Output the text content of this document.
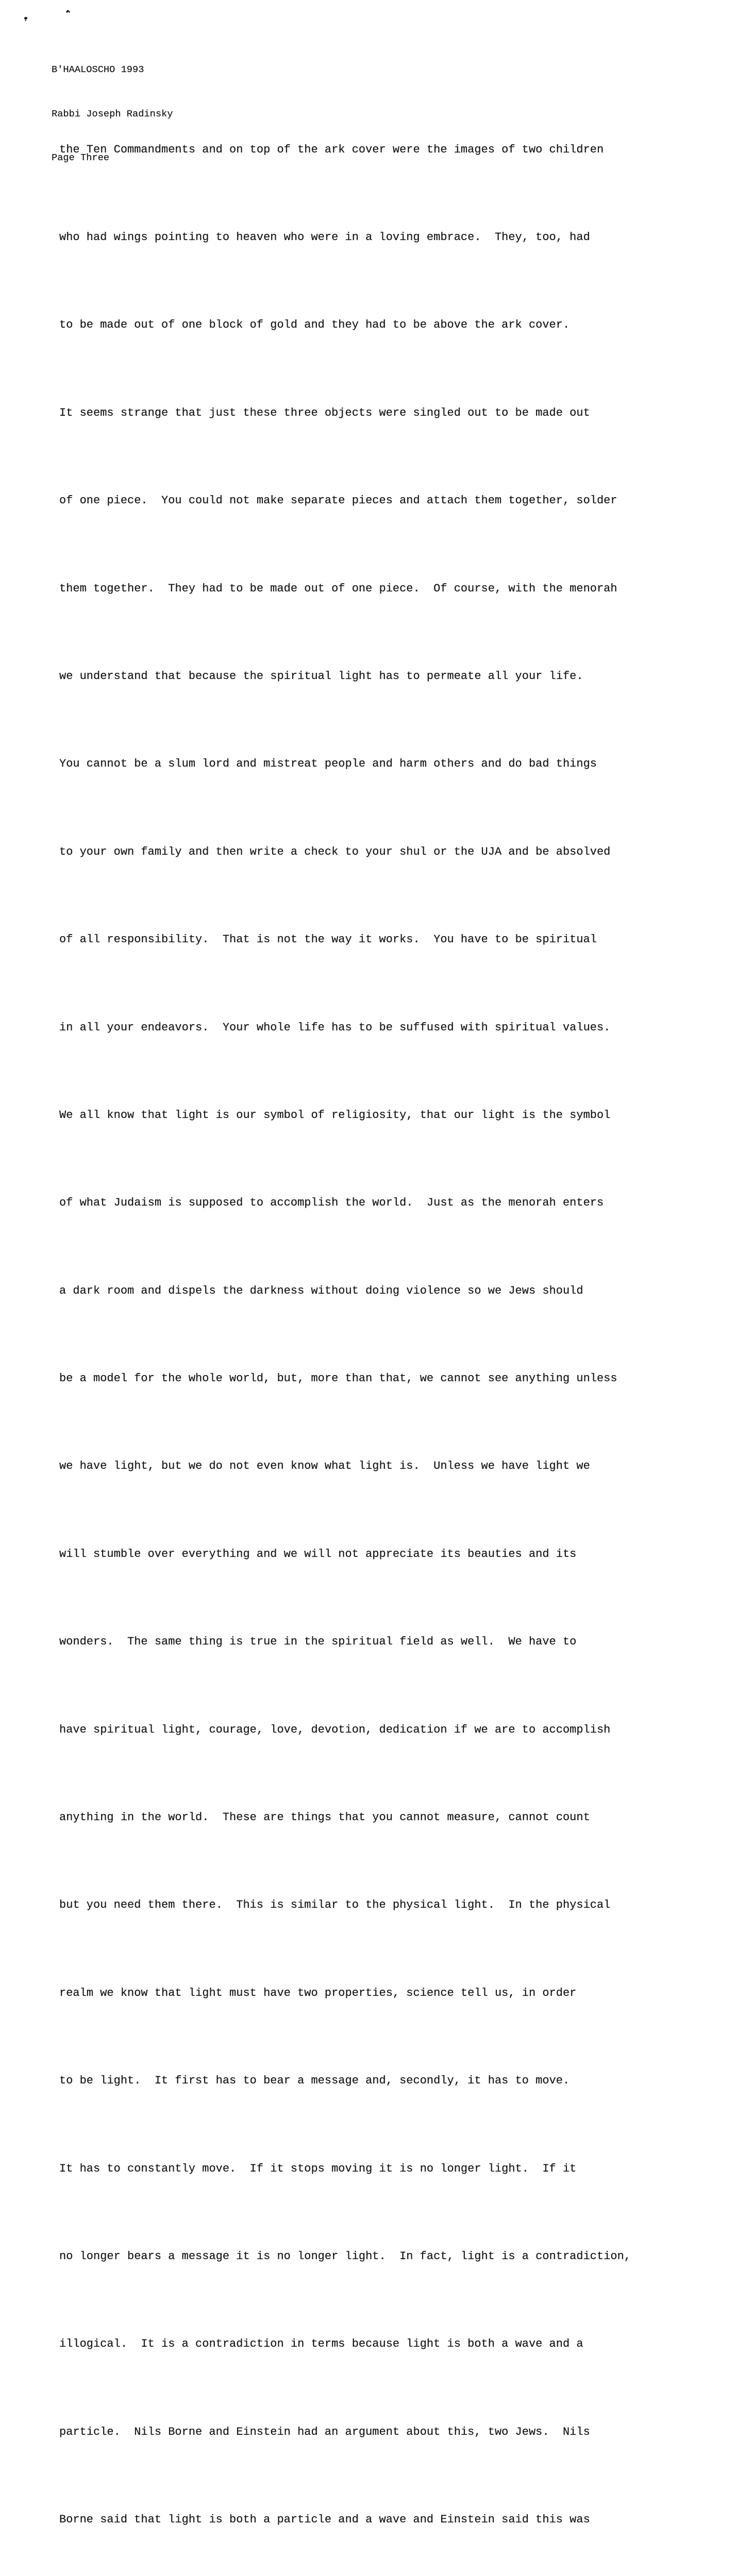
B'HAALOSCHO 1993

Rabbi Joseph Radinsky

Page Three

the Ten Commandments and on top of the ark cover were the images of two children

who had wings pointing to heaven who were in a loving embrace.  They, too, had

to be made out of one block of gold and they had to be above the ark cover.

It seems strange that just these three objects were singled out to be made out

of one piece.  You could not make separate pieces and attach them together, solder

them together.  They had to be made out of one piece.  Of course, with the menorah

we understand that because the spiritual light has to permeate all your life.

You cannot be a slum lord and mistreat people and harm others and do bad things

to your own family and then write a check to your shul or the UJA and be absolved

of all responsibility.  That is not the way it works.  You have to be spiritual

in all your endeavors.  Your whole life has to be suffused with spiritual values.

We all know that light is our symbol of religiosity, that our light is the symbol

of what Judaism is supposed to accomplish the world.  Just as the menorah enters

a dark room and dispels the darkness without doing violence so we Jews should

be a model for the whole world, but, more than that, we cannot see anything unless

we have light, but we do not even know what light is.  Unless we have light we

will stumble over everything and we will not appreciate its beauties and its

wonders.  The same thing is true in the spiritual field as well.  We have to

have spiritual light, courage, love, devotion, dedication if we are to accomplish

anything in the world.  These are things that you cannot measure, cannot count

but you need them there.  This is similar to the physical light.  In the physical

realm we know that light must have two properties, science tell us, in order

to be light.  It first has to bear a message and, secondly, it has to move.

It has to constantly move.  If it stops moving it is no longer light.  If it

no longer bears a message it is no longer light.  In fact, light is a contradiction,

illogical.  It is a contradiction in terms because light is both a wave and a

particle.  Nils Borne and Einstein had an argument about this, two Jews.  Nils

Borne said that light is both a particle and a wave and Einstein said this was
